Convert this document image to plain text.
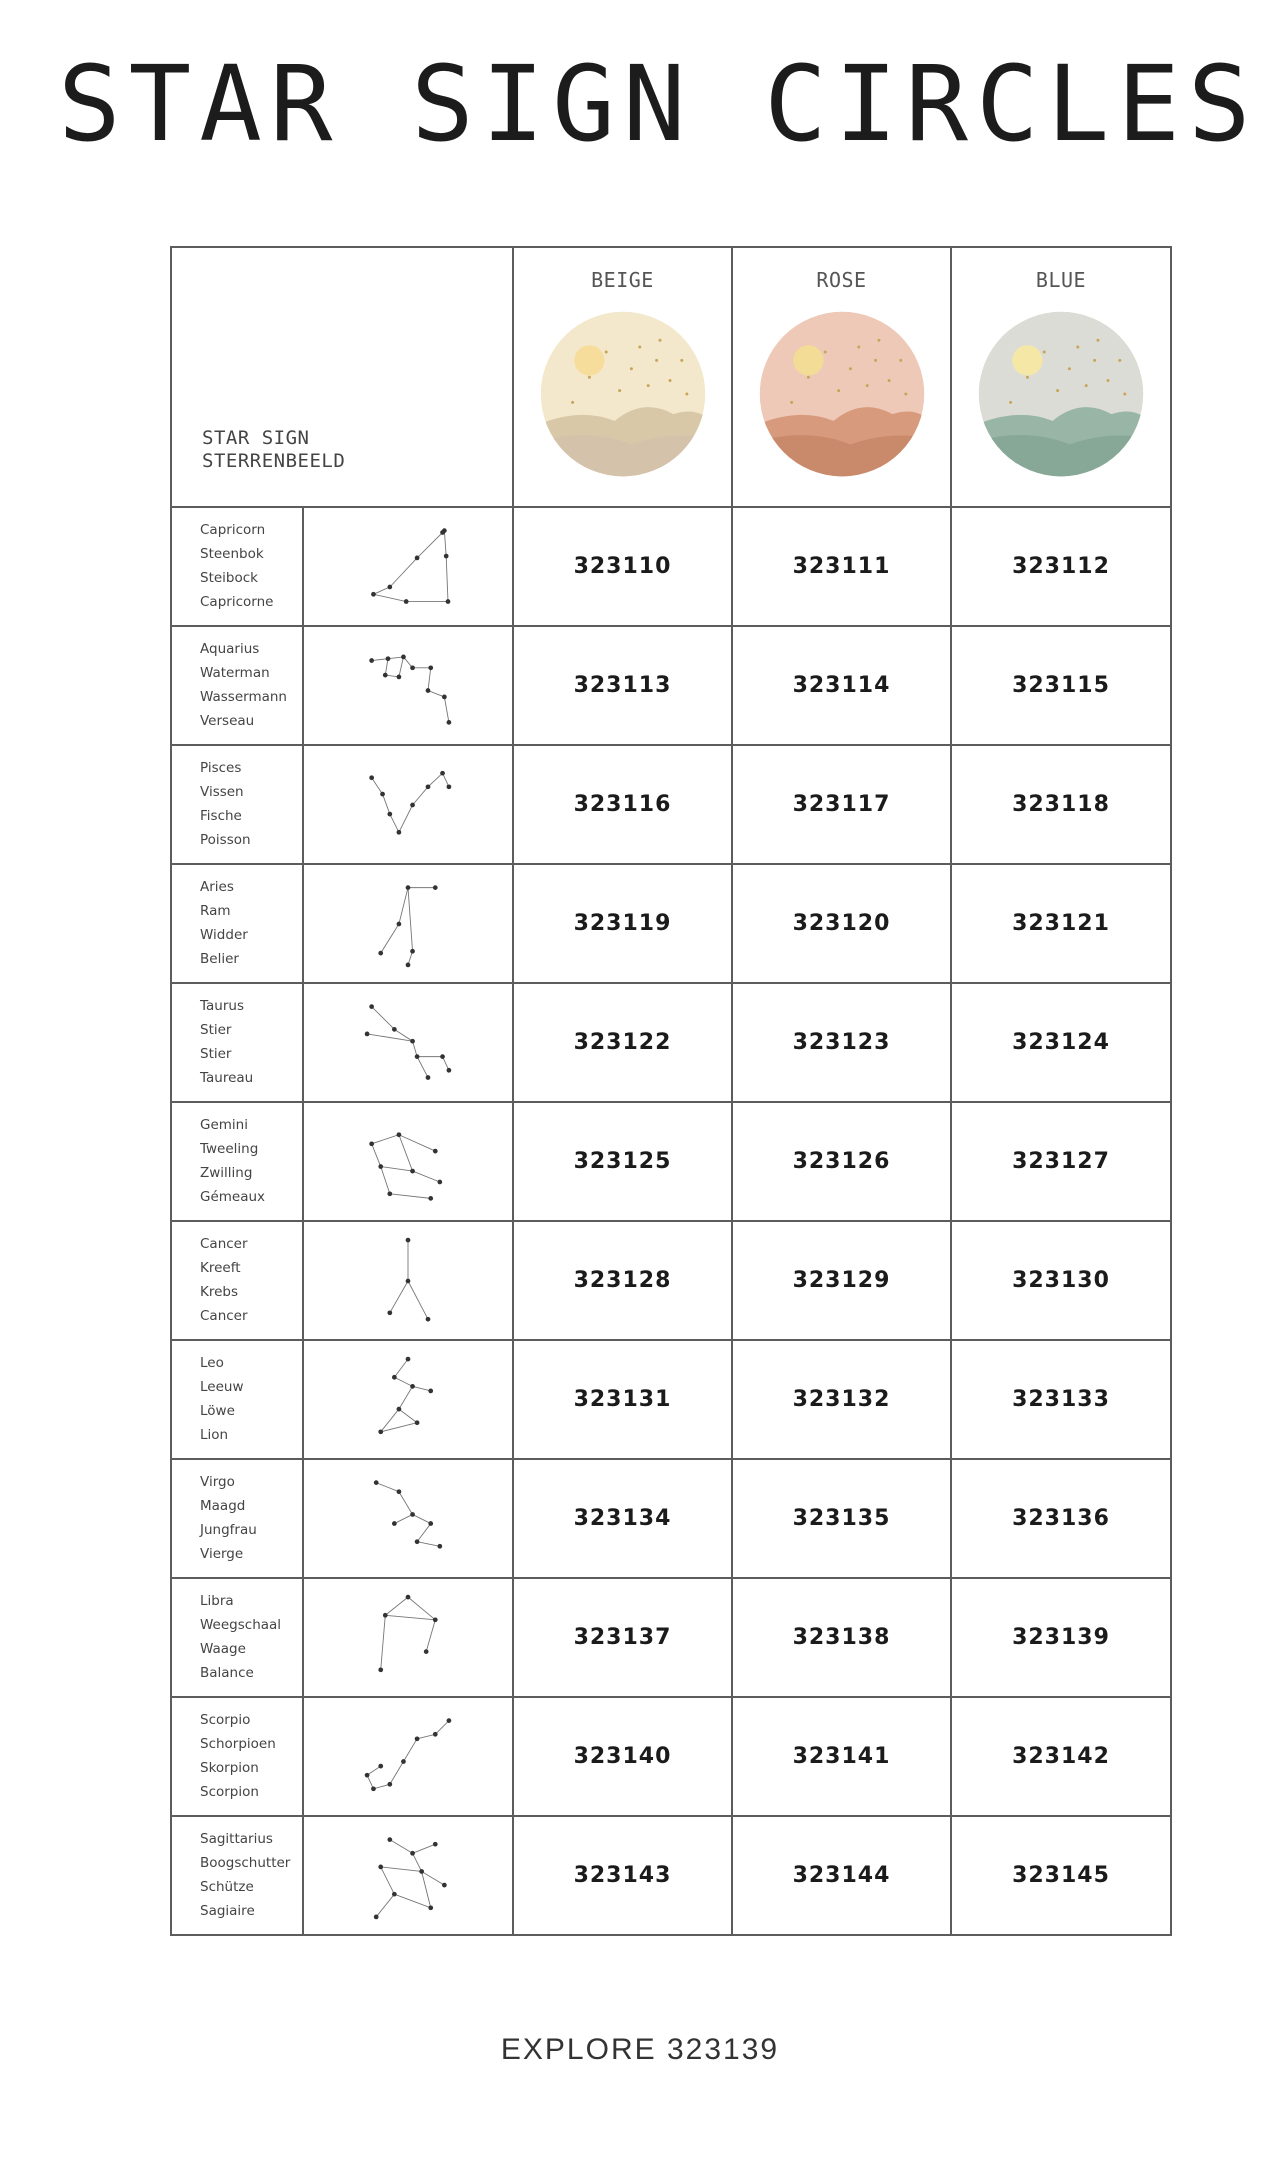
STAR SIGN CIRCLES
STAR SIGN
STERRENBEELD		BEIGE	ROSE	BLUE

Capricorn
Steenbok
Steibock
Capricorne		323110	323111	323112

Aquarius
Waterman
Wassermann
Verseau		323113	323114	323115

Pisces
Vissen
Fische
Poisson		323116	323117	323118

Aries
Ram
Widder
Belier		323119	323120	323121

Taurus
Stier
Stier
Taureau		323122	323123	323124

Gemini
Tweeling
Zwilling
Gémeaux		323125	323126	323127

Cancer
Kreeft
Krebs
Cancer		323128	323129	323130

Leo
Leeuw
Löwe
Lion		323131	323132	323133

Virgo
Maagd
Jungfrau
Vierge		323134	323135	323136

Libra
Weegschaal
Waage
Balance		323137	323138	323139

Scorpio
Schorpioen
Skorpion
Scorpion		323140	323141	323142

Sagittarius
Boogschutter
Schütze
Sagiaire		323143	323144	323145
EXPLORE 323139
